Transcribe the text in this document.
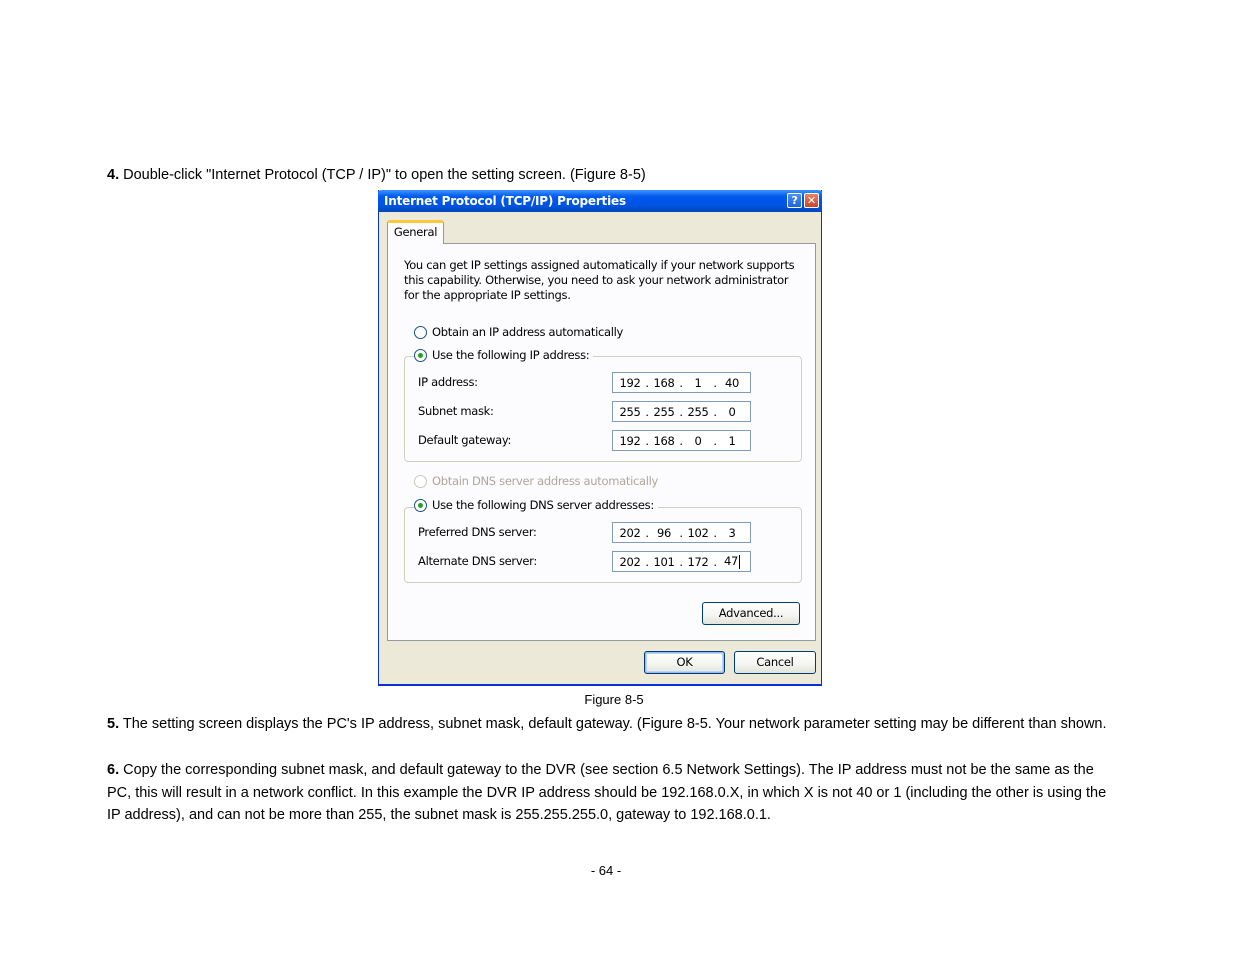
4. Double-click "Internet Protocol (TCP / IP)" to open the setting screen. (Figure 8-5)

Internet Protocol (TCP/IP) Properties	? ✕
General

You can get IP settings assigned automatically if your network supports this capability. Otherwise, you need to ask your network administrator for the appropriate IP settings.

Obtain an IP address automatically
Use the following IP address:
IP address:	192 . 168 .	1	. 40
Subnet mask:	255 . 255 . 255 .	0
Default gateway:	192 . 168 .	0	.	1
Obtain DNS server address automatically
Use the following DNS server addresses:
Preferred DNS server:	202 . 96 . 102 .	3
Alternate DNS server:	202 . 101 . 172 . 47
Advanced...
OK	Cancel
Figure 8-5

5. The setting screen displays the PC's IP address, subnet mask, default gateway. (Figure 8-5. Your network parameter setting may be different than shown.

6. Copy the corresponding subnet mask, and default gateway to the DVR (see section 6.5 Network Settings). The IP address must not be the same as the PC, this will result in a network conflict. In this example the DVR IP address should be 192.168.0.X, in which X is not 40 or 1 (including the other is using the IP address), and can not be more than 255, the subnet mask is 255.255.255.0, gateway to 192.168.0.1.

- 64 -
